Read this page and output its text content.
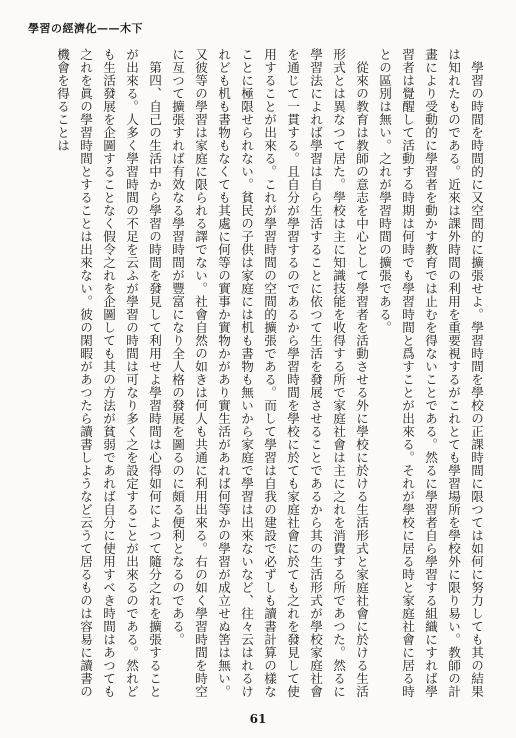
學習の經濟化——木下

學習の時間を時間的に又空間的に擴張せよ。學習時間を學校の正課時間に限つては如何に努力しても其の結果は知れたものである。近來は課外時間の利用を重要視するがこれとても學習場所を學校外に限り易い。教師の計畫により受動的に學習者を動かす教育では止むを得ないことである。然るに學習者自ら學習する組織にすれば學習者は覺醒して活動する時期は何時でも學習時間と爲すことが出來る。それが學校に居る時と家庭社會に居る時との區別は無い。之れが學習時間の擴張である。

從來の教育は教師の意志を中心として學習者を活動させる外に學校に於ける生活形式と家庭社會に於ける生活形式とは異なつて居た。學校は主に知識技能を收得する所で家庭社會は主に之れを消費する所であつた。然るに學習法によれば學習は自ら生活することに依つて生活を發展させることであるから其の生活形式が學校家庭社會を通じて一貫する。且自分が學習するのであるから學習時間を學校に於ても家庭社會に於ても之れを發見して使用することが出來る。これが學習時間の空間的擴張である。而して學習は自我の建設で必ずしも讀書計算の樣なことに極限せられない。貧民の子供は家庭には机も書物も無いから家庭で學習は出來ないなど、往々云はれるけれども机も書物もなくても其處に何等の實事か實物かがあり實生活があれば何等かの學習が成立せぬ筈は無い。又彼等の學習は家庭に限られる譯でない。社會自然の如きは何人も共通に利用出來る。右の如く學習時間を時空に亙つて擴張すれば有效なる學習時間が豐富になり全人格の發展を圖るのに頗る便利となるのである。

第四、自己の生活中から學習の時間を發見して利用せよ學習時間は心得如何によつて隨分之れを擴張することが出來る。人多く學習時間の不足を云ふが學習の時間は可なり多く之を設定することが出來るのである。然れども生活發展を企圖することなく假令之れを企圖しても其の方法が貧弱であれば自分に使用すべき時間はあつても之れを眞の學習時間とすることは出來ない。彼の閑暇があつたら讀書しようなど云うて居るものは容易に讀書の機會を得ることは

61
